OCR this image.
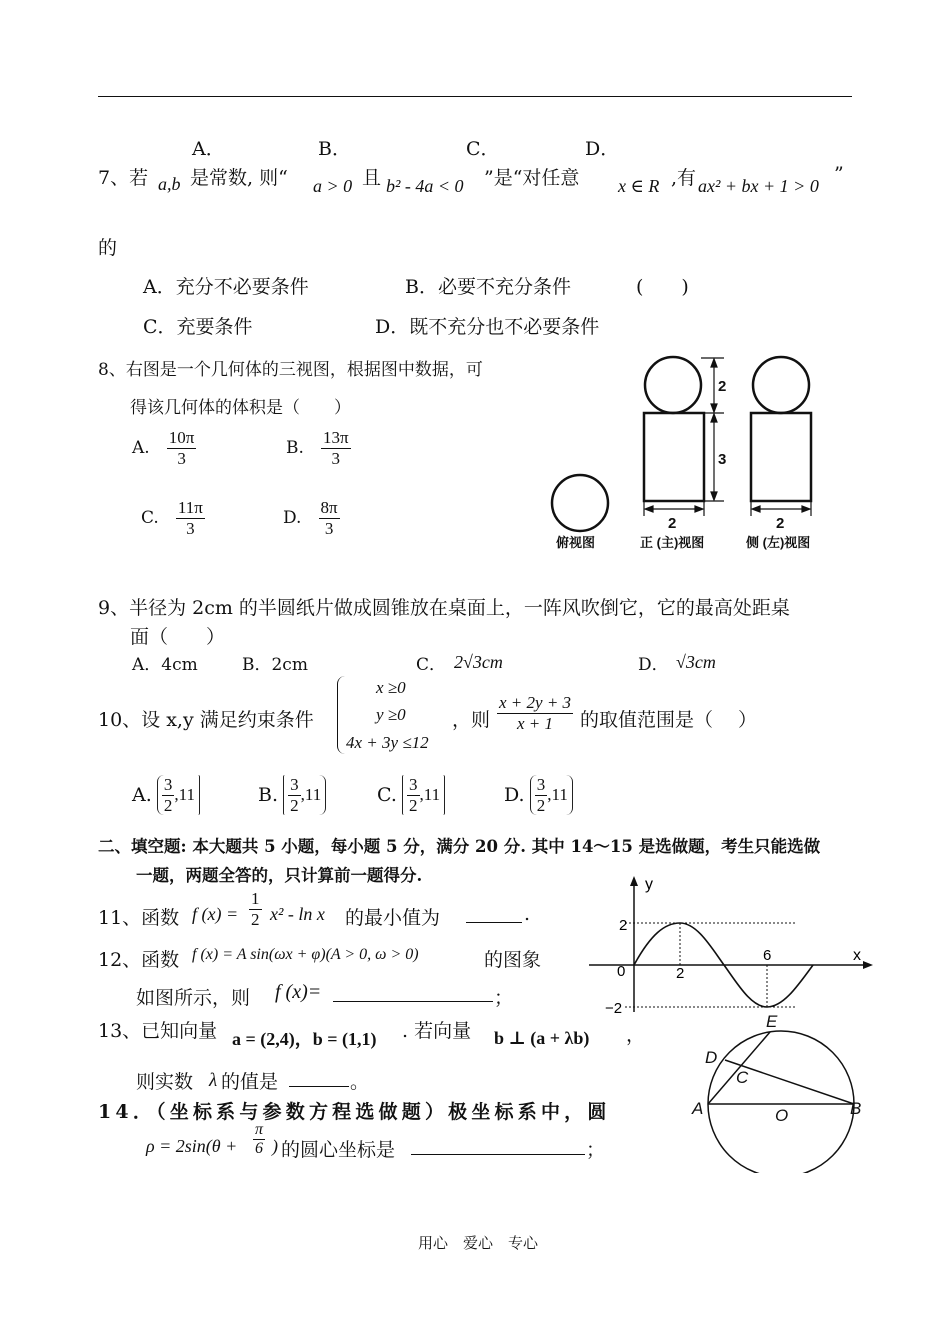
A．	B．	C．	D．
7、若 a,b 是常数, 则“ a > 0 且 b² - 4a < 0 ”是“对任意 x ∈ R ,有 ax² + bx + 1 > 0
”
的
A．充分不必要条件	B．必要不充分条件	(　　)
C．充要条件	D．既不充分也不必要条件
8、右图是一个几何体的三视图，根据图中数据，可
得该几何体的体积是（　　）
A. $\frac{10\pi}{3}$	B. $\frac{13\pi}{3}$
C. $\frac{11\pi}{3}$	D. $\frac{8\pi}{3}$
2
3
2	2
俯视图	正 (主)视图	侧 (左)视图
9、半径为 2cm 的半圆纸片做成圆锥放在桌面上，一阵风吹倒它，它的最高处距桌
面（　　）
A．4cm	B．2cm	C． 2√3cm	D． √3cm
10、设 x,y 满足约束条件
x ≥0
y ≥0
4x + 3y ≤12
，则 $\frac{x + 2y + 3}{x + 1}$ 的取值范围是（　 ）
A. $\frac{3}{2} ,11$	B. $\frac{3}{2} ,11$	C. $\frac{3}{2} ,11$	D. $\frac{3}{2} ,11$
二、填空题: 本大题共 5 小题，每小题 5 分，满分 20 分. 其中 14～15 是选做题，考生只能选做
一题，两题全答的，只计算前一题得分.
11、函数 f $(x) = \frac{1}{2} x^2 - \ln x$ 的最小值为	.
12、函数 f (x) = A sin(ωx + φ)(A > 0, ω > 0)	的图象
如图所示，则 f (x)=	；
y
x
2
−2
0	2
6
13、已知向量 a = (2,4)，b = (1,1) . 若向量 b ⊥ (a + λb) ，
则实数 λ 的值是	。
14．（坐标系与参数方程选做题）极坐标系中，圆
$\rho = 2\sin(\theta + \frac{\pi}{6}$ ) 的圆心坐标是	；
A	B
O
C
D
E
用心　爱心　专心
